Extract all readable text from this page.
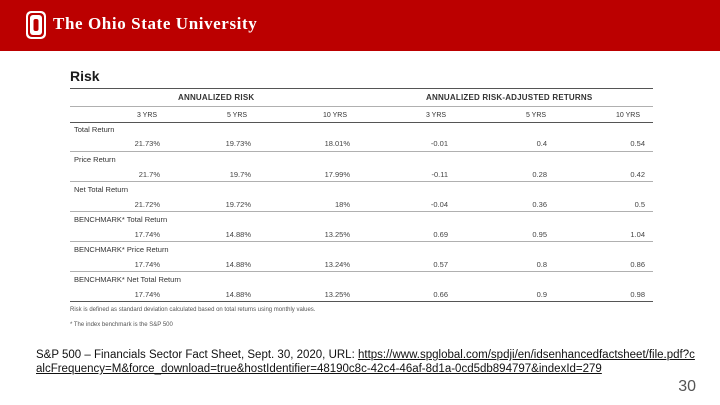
The Ohio State University
Risk
ANNUALIZED RISK	ANNUALIZED RISK-ADJUSTED RETURNS
3 YRS	5 YRS	10 YRS	3 YRS	5 YRS	10 YRS
Total Return
21.73%	19.73%	18.01%	-0.01	0.4	0.54
Price Return
21.7%	19.7%	17.99%	-0.11	0.28	0.42
Net Total Return
21.72%	19.72%	18%	-0.04	0.36	0.5
BENCHMARK* Total Return
17.74%	14.88%	13.25%	0.69	0.95	1.04
BENCHMARK* Price Return
17.74%	14.88%	13.24%	0.57	0.8	0.86
BENCHMARK* Net Total Return
17.74%	14.88%	13.25%	0.66	0.9	0.98
Risk is defined as standard deviation calculated based on total returns using monthly values.
* The index benchmark is the S&P 500
S&P 500 – Financials Sector Fact Sheet, Sept. 30, 2020, URL: https://www.spglobal.com/spdji/en/idsenhancedfactsheet/file.pdf?calcFrequency=M&force_download=true&hostIdentifier=48190c8c-42c4-46af-8d1a-0cd5db894797&indexId=279
30
